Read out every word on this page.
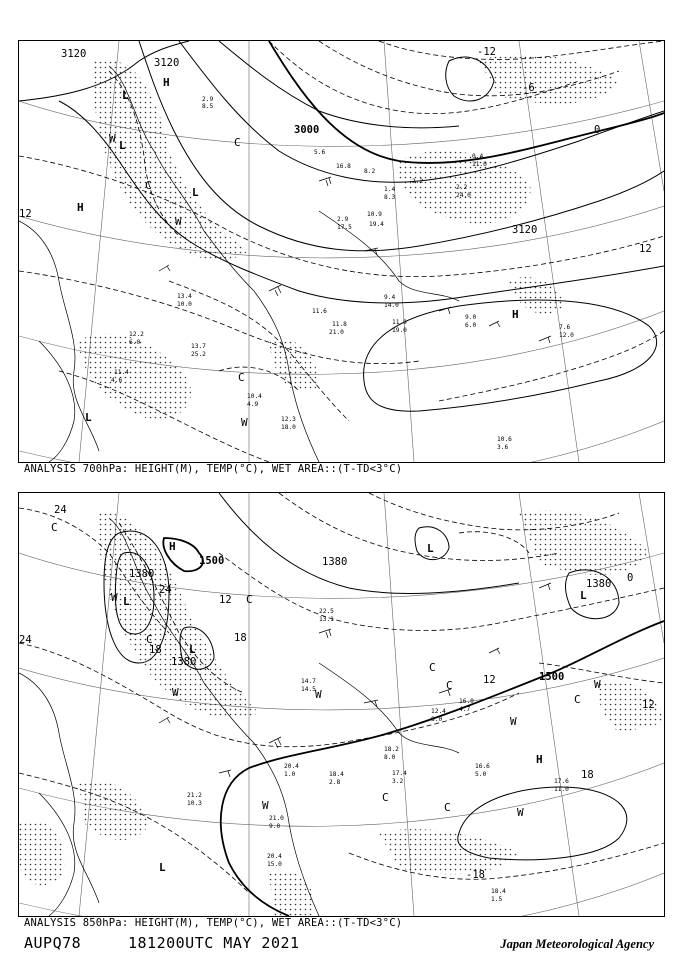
3120
3120
3000
3120
12
12
-12
-6
0
H
L
W
L
C
L
H
W
C
C
W
H
L
2.9
8.5
5.6
16.8
8.2
1.4
8.3
2.2
2.9
17.5
10.9
19.4
9.4
14.0
11.9
19.0
11.6
21.0
11.8
13.4
10.0
13.7
25.2
12.2
6.0
11.4
4.6
10.4
4.9
12.3
18.0
10.6
3.6
9.0
6.0	7.6
12.0
2.2
24.0
0.4
11.0
ANALYSIS 700hPa: HEIGHT(M), TEMP(°C), WET AREA::(T-TD<3°C)
1380
1500
1380
1380
1380
1500
24
24
18
12
24	18
12
0
12
18
-18
C
H
W L
C
L
W
C
L
C
C
L
W
W
H
W
C
W
L
C
W	C
16.6
5.0
17.6
11.0
18.2
8.0
17.4
3.2
18.4
2.8
20.4
1.0
21.0
9.0
21.2
10.3
20.4
15.0
18.4
1.5
12.4
8.0
16.0
4.7
14.7
14.5
22.5
13.1
ANALYSIS 850hPa: HEIGHT(M), TEMP(°C), WET AREA::(T-TD<3°C)
AUPQ78	181200UTC MAY 2021	Japan Meteorological Agency
